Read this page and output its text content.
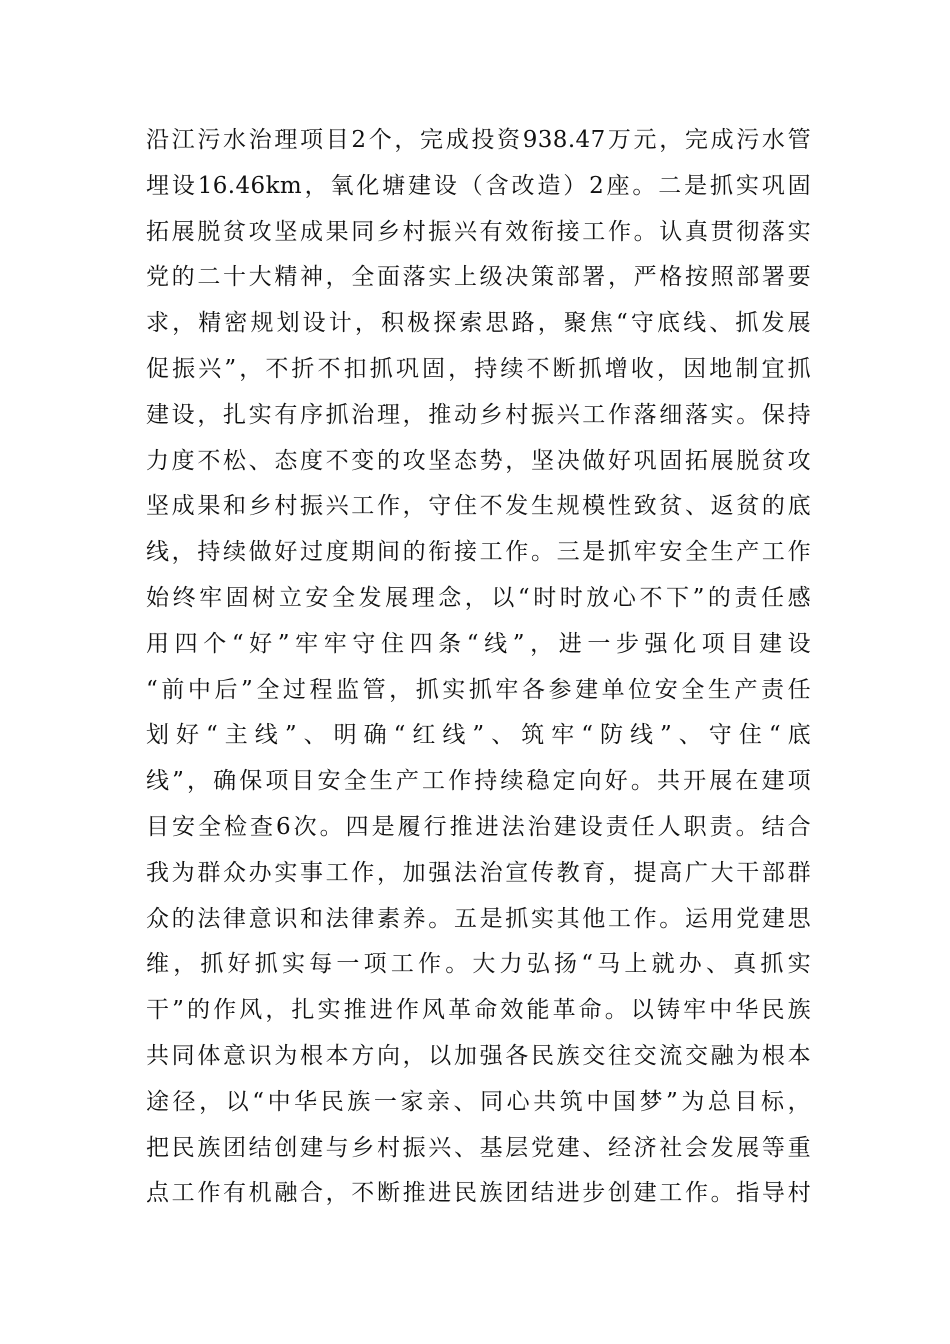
沿江污水治理项目2个，完成投资938.47万元，完成污水管
埋设16.46km，氧化塘建设（含改造）2座。二是抓实巩固
拓展脱贫攻坚成果同乡村振兴有效衔接工作。认真贯彻落实
党的二十大精神，全面落实上级决策部署，严格按照部署要
求，精密规划设计，积极探索思路，聚焦“守底线、抓发展
促振兴”，不折不扣抓巩固，持续不断抓增收，因地制宜抓
建设，扎实有序抓治理，推动乡村振兴工作落细落实。保持
力度不松、态度不变的攻坚态势，坚决做好巩固拓展脱贫攻
坚成果和乡村振兴工作，守住不发生规模性致贫、返贫的底
线，持续做好过度期间的衔接工作。三是抓牢安全生产工作
始终牢固树立安全发展理念，以“时时放心不下”的责任感
用四个“好”牢牢守住四条“线”，进一步强化项目建设
“前中后”全过程监管，抓实抓牢各参建单位安全生产责任
划好“主线”、明确“红线”、筑牢“防线”、守住“底
线”，确保项目安全生产工作持续稳定向好。共开展在建项
目安全检查6次。四是履行推进法治建设责任人职责。结合
我为群众办实事工作，加强法治宣传教育，提高广大干部群
众的法律意识和法律素养。五是抓实其他工作。运用党建思
维，抓好抓实每一项工作。大力弘扬“马上就办、真抓实
干”的作风，扎实推进作风革命效能革命。以铸牢中华民族
共同体意识为根本方向，以加强各民族交往交流交融为根本
途径，以“中华民族一家亲、同心共筑中国梦”为总目标，
把民族团结创建与乡村振兴、基层党建、经济社会发展等重
点工作有机融合，不断推进民族团结进步创建工作。指导村
